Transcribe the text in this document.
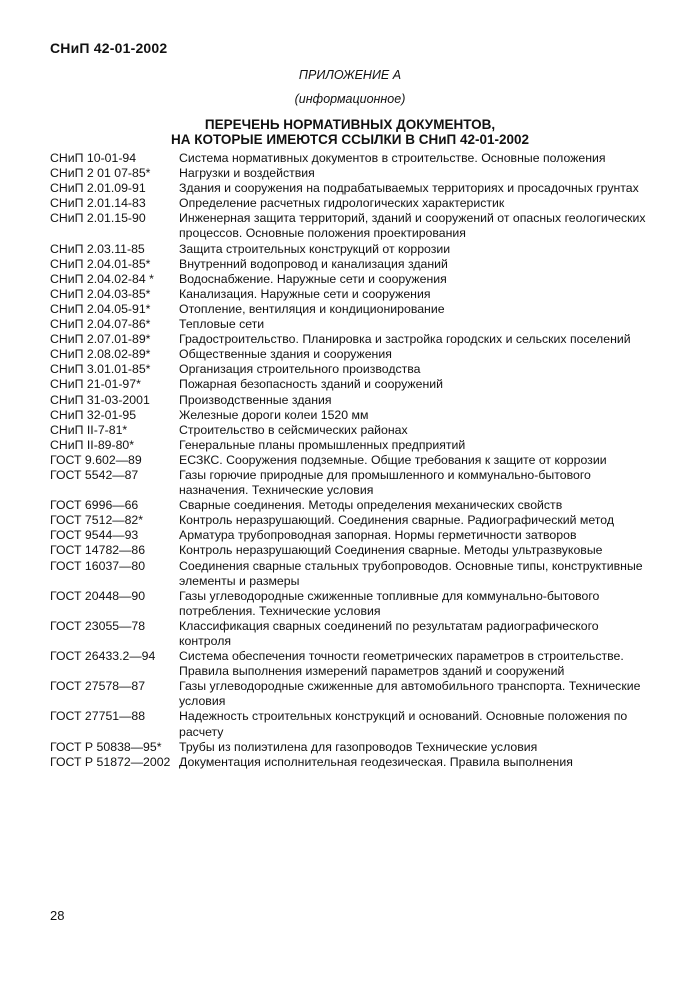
СНиП 42-01-2002
ПРИЛОЖЕНИЕ А
(информационное)
ПЕРЕЧЕНЬ НОРМАТИВНЫХ ДОКУМЕНТОВ,
НА КОТОРЫЕ ИМЕЮТСЯ ССЫЛКИ В СНиП 42-01-2002
СНиП 10-01-94	Система нормативных документов в строительстве. Основные положения
СНиП 2 01 07-85*	Нагрузки и воздействия
СНиП 2.01.09-91	Здания и сооружения на подрабатываемых территориях и просадочных грунтах
СНиП 2.01.14-83	Определение расчетных гидрологических характеристик
СНиП 2.01.15-90	Инженерная защита территорий, зданий и сооружений от опасных геологических процессов. Основные положения проектирования
СНиП 2.03.11-85	Защита строительных конструкций от коррозии
СНиП 2.04.01-85*	Внутренний водопровод и канализация зданий
СНиП 2.04.02-84 *	Водоснабжение. Наружные сети и сооружения
СНиП 2.04.03-85*	Канализация. Наружные сети и сооружения
СНиП 2.04.05-91*	Отопление, вентиляция и кондиционирование
СНиП 2.04.07-86*	Тепловые сети
СНиП 2.07.01-89*	Градостроительство. Планировка и застройка городских и сельских поселений
СНиП 2.08.02-89*	Общественные здания и сооружения
СНиП 3.01.01-85*	Организация строительного производства
СНиП 21-01-97*	Пожарная безопасность зданий и сооружений
СНиП 31-03-2001	Производственные здания
СНиП 32-01-95	Железные дороги колеи 1520 мм
СНиП II-7-81*	Строительство в сейсмических районах
СНиП II-89-80*	Генеральные планы промышленных предприятий
ГОСТ 9.602—89	ЕСЗКС. Сооружения подземные. Общие требования к защите от коррозии
ГОСТ 5542—87	Газы горючие природные для промышленного и коммунально-бытового назначения. Технические условия
ГОСТ 6996—66	Сварные соединения. Методы определения механических свойств
ГОСТ 7512—82*	Контроль неразрушающий. Соединения сварные. Радиографический метод
ГОСТ 9544—93	Арматура трубопроводная запорная. Нормы герметичности затворов
ГОСТ 14782—86	Контроль неразрушающий Соединения сварные. Методы ультразвуковые
ГОСТ 16037—80	Соединения сварные стальных трубопроводов. Основные типы, конструктивные элементы и размеры
ГОСТ 20448—90	Газы углеводородные сжиженные топливные для коммунально-бытового потребления. Технические условия
ГОСТ 23055—78	Классификация сварных соединений по результатам радиографического контроля
ГОСТ 26433.2—94	Система обеспечения точности геометрических параметров в строительстве. Правила выполнения измерений параметров зданий и сооружений
ГОСТ 27578—87	Газы углеводородные сжиженные для автомобильного транспорта. Технические условия
ГОСТ 27751—88	Надежность строительных конструкций и оснований. Основные положения по расчету
ГОСТ Р 50838—95*	Трубы из полиэтилена для газопроводов Технические условия
ГОСТ Р 51872—2002 Документация исполнительная геодезическая. Правила выполнения
28
